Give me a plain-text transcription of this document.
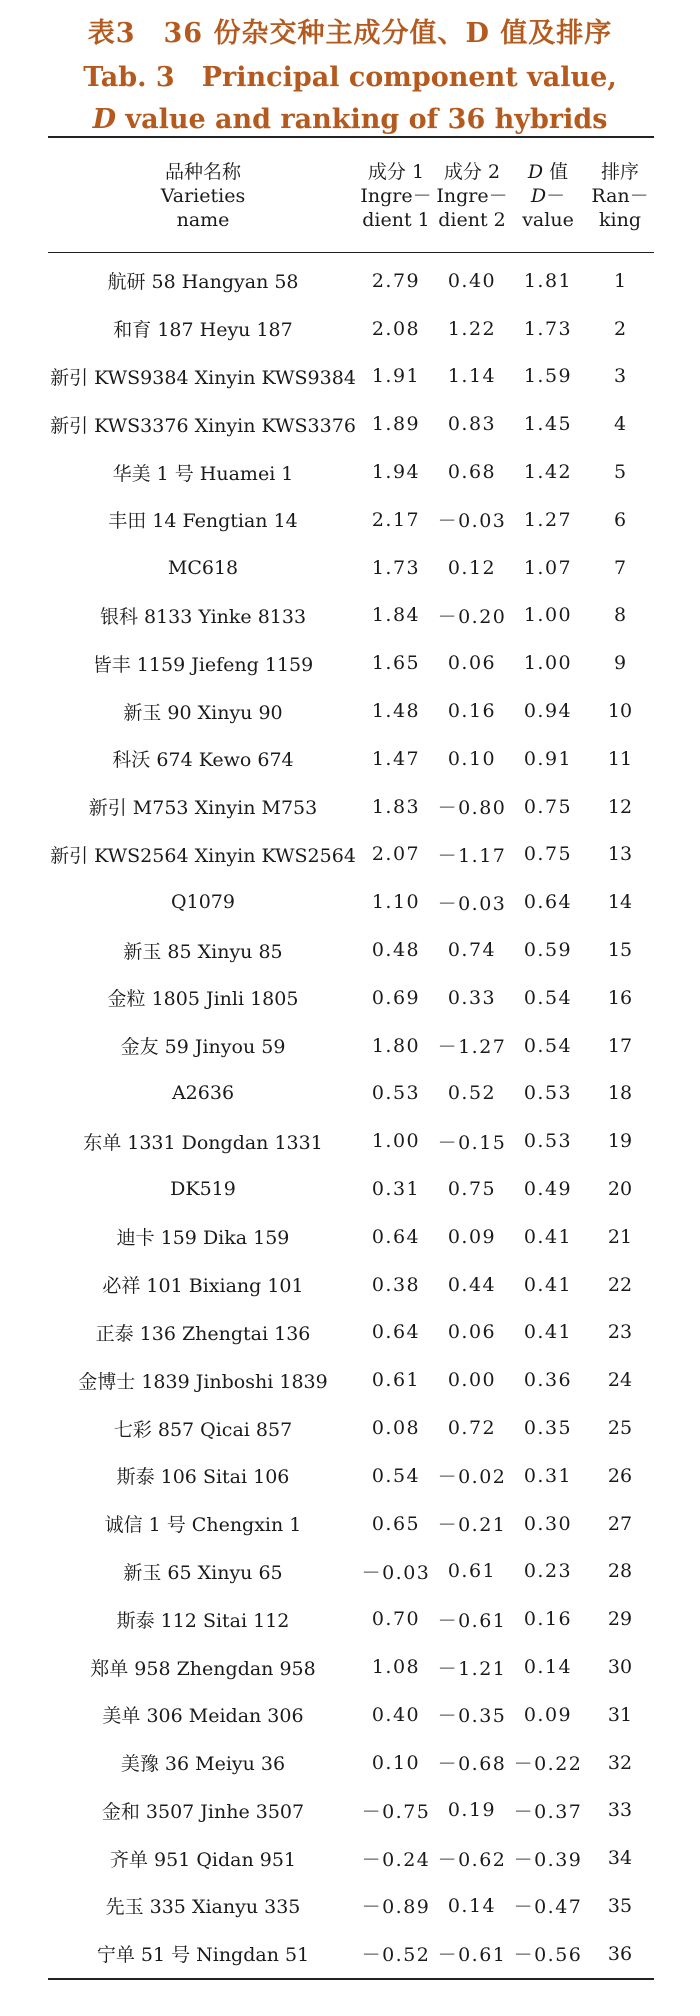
表3　36 份杂交种主成分值、D 值及排序
Tab. 3　Principal component value,
D value and ranking of 36 hybrids
品种名称
Varieties
name	成分 1
Ingre－
dient 1	成分 2
Ingre－
dient 2	D 值
D－
value	排序
Ran－
king

航研 58 Hangyan 58	2.79	0.40	1.81	1
和育 187 Heyu 187	2.08	1.22	1.73	2
新引 KWS9384 Xinyin KWS9384	1.91	1.14	1.59	3
新引 KWS3376 Xinyin KWS3376	1.89	0.83	1.45	4
华美 1 号 Huamei 1	1.94	0.68	1.42	5
丰田 14 Fengtian 14	2.17	－0.03	1.27	6
MC618	1.73	0.12	1.07	7
银科 8133 Yinke 8133	1.84	－0.20	1.00	8
皆丰 1159 Jiefeng 1159	1.65	0.06	1.00	9
新玉 90 Xinyu 90	1.48	0.16	0.94	10
科沃 674 Kewo 674	1.47	0.10	0.91	11
新引 M753 Xinyin M753	1.83	－0.80	0.75	12
新引 KWS2564 Xinyin KWS2564	2.07	－1.17	0.75	13
Q1079	1.10	－0.03	0.64	14
新玉 85 Xinyu 85	0.48	0.74	0.59	15
金粒 1805 Jinli 1805	0.69	0.33	0.54	16
金友 59 Jinyou 59	1.80	－1.27	0.54	17
A2636	0.53	0.52	0.53	18
东单 1331 Dongdan 1331	1.00	－0.15	0.53	19
DK519	0.31	0.75	0.49	20
迪卡 159 Dika 159	0.64	0.09	0.41	21
必祥 101 Bixiang 101	0.38	0.44	0.41	22
正泰 136 Zhengtai 136	0.64	0.06	0.41	23
金博士 1839 Jinboshi 1839	0.61	0.00	0.36	24
七彩 857 Qicai 857	0.08	0.72	0.35	25
斯泰 106 Sitai 106	0.54	－0.02	0.31	26
诚信 1 号 Chengxin 1	0.65	－0.21	0.30	27
新玉 65 Xinyu 65	－0.03	0.61	0.23	28
斯泰 112 Sitai 112	0.70	－0.61	0.16	29
郑单 958 Zhengdan 958	1.08	－1.21	0.14	30
美单 306 Meidan 306	0.40	－0.35	0.09	31
美豫 36 Meiyu 36	0.10	－0.68	－0.22	32
金和 3507 Jinhe 3507	－0.75	0.19	－0.37	33
齐单 951 Qidan 951	－0.24	－0.62	－0.39	34
先玉 335 Xianyu 335	－0.89	0.14	－0.47	35
宁单 51 号 Ningdan 51	－0.52	－0.61	－0.56	36
